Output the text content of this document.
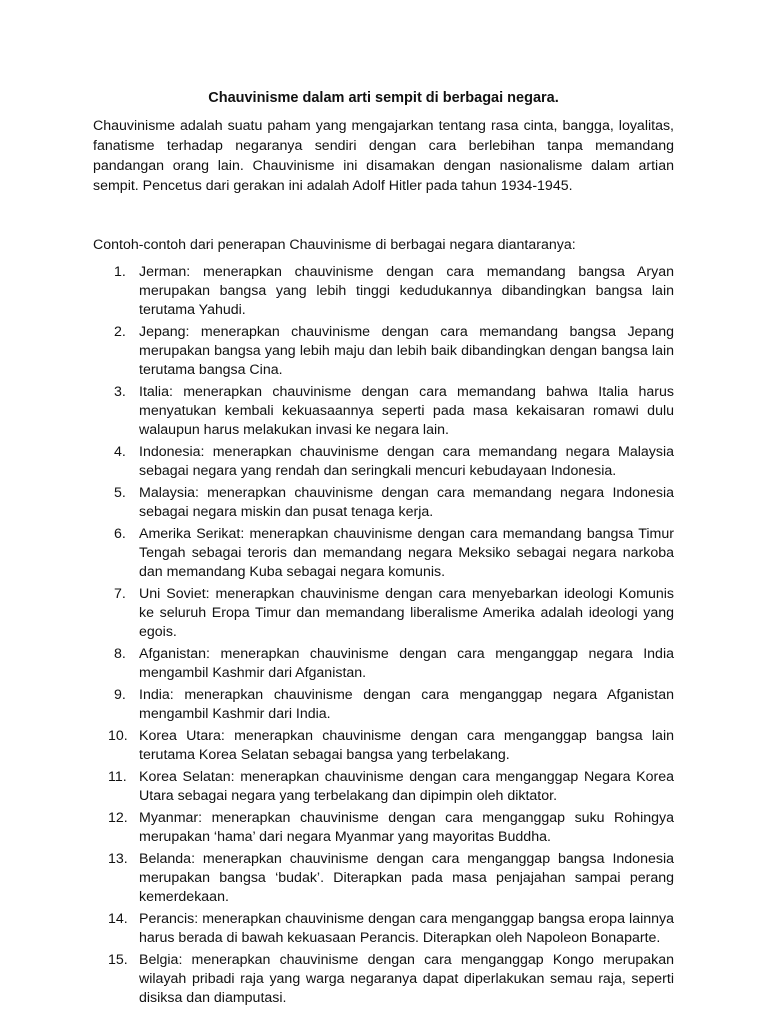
Chauvinisme dalam arti sempit di berbagai negara.

Chauvinisme adalah suatu paham yang mengajarkan tentang rasa cinta, bangga, loyalitas, fanatisme terhadap negaranya sendiri dengan cara berlebihan tanpa memandang pandangan orang lain. Chauvinisme ini disamakan dengan nasionalisme dalam artian sempit. Pencetus dari gerakan ini adalah Adolf Hitler pada tahun 1934-1945.

Contoh-contoh dari penerapan Chauvinisme di berbagai negara diantaranya:

1. Jerman: menerapkan chauvinisme dengan cara memandang bangsa Aryan merupakan bangsa yang lebih tinggi kedudukannya dibandingkan bangsa lain terutama Yahudi.
2. Jepang: menerapkan chauvinisme dengan cara memandang bangsa Jepang merupakan bangsa yang lebih maju dan lebih baik dibandingkan dengan bangsa lain terutama bangsa Cina.
3. Italia: menerapkan chauvinisme dengan cara memandang bahwa Italia harus menyatukan kembali kekuasaannya seperti pada masa kekaisaran romawi dulu walaupun harus melakukan invasi ke negara lain.
4. Indonesia: menerapkan chauvinisme dengan cara memandang negara Malaysia sebagai negara yang rendah dan seringkali mencuri kebudayaan Indonesia.
5. Malaysia: menerapkan chauvinisme dengan cara memandang negara Indonesia sebagai negara miskin dan pusat tenaga kerja.
6. Amerika Serikat: menerapkan chauvinisme dengan cara memandang bangsa Timur Tengah sebagai teroris dan memandang negara Meksiko sebagai negara narkoba dan memandang Kuba sebagai negara komunis.
7. Uni Soviet: menerapkan chauvinisme dengan cara menyebarkan ideologi Komunis ke seluruh Eropa Timur dan memandang liberalisme Amerika adalah ideologi yang egois.
8. Afganistan: menerapkan chauvinisme dengan cara menganggap negara India mengambil Kashmir dari Afganistan.
9. India: menerapkan chauvinisme dengan cara menganggap negara Afganistan mengambil Kashmir dari India.
10. Korea Utara: menerapkan chauvinisme dengan cara menganggap bangsa lain terutama Korea Selatan sebagai bangsa yang terbelakang.
11. Korea Selatan: menerapkan chauvinisme dengan cara menganggap Negara Korea Utara sebagai negara yang terbelakang dan dipimpin oleh diktator.
12. Myanmar: menerapkan chauvinisme dengan cara menganggap suku Rohingya merupakan ‘hama’ dari negara Myanmar yang mayoritas Buddha.
13. Belanda: menerapkan chauvinisme dengan cara menganggap bangsa Indonesia merupakan bangsa ‘budak’. Diterapkan pada masa penjajahan sampai perang kemerdekaan.
14. Perancis: menerapkan chauvinisme dengan cara menganggap bangsa eropa lainnya harus berada di bawah kekuasaan Perancis. Diterapkan oleh Napoleon Bonaparte.
15. Belgia: menerapkan chauvinisme dengan cara menganggap Kongo merupakan wilayah pribadi raja yang warga negaranya dapat diperlakukan semau raja, seperti disiksa dan diamputasi.
